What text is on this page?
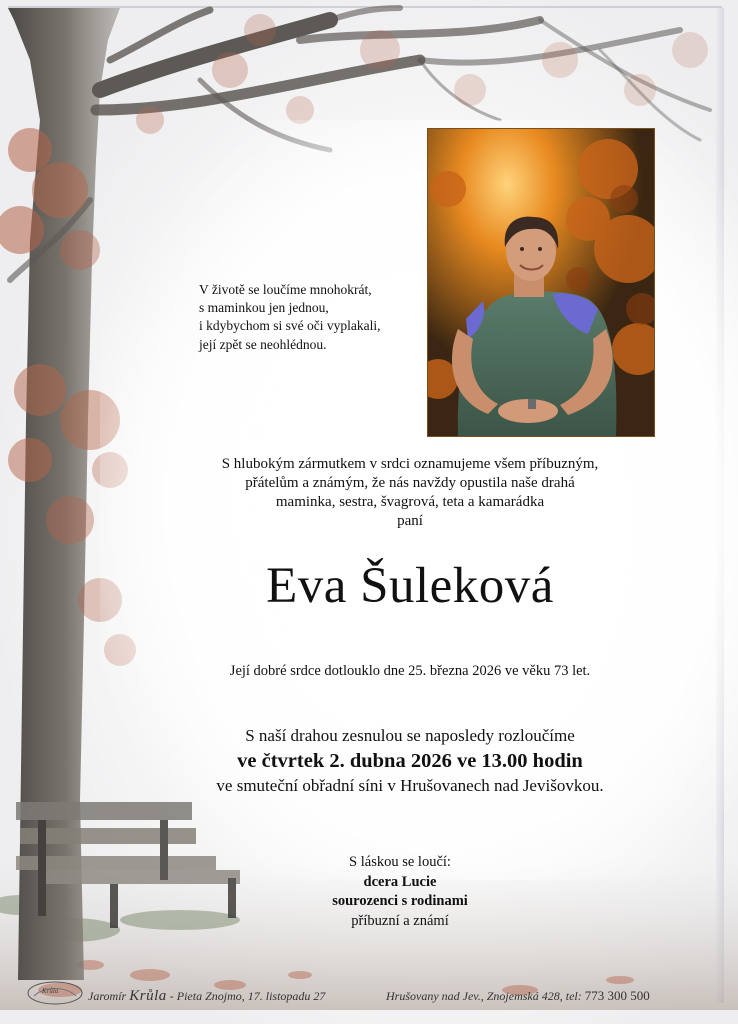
V životě se loučíme mnohokrát,
s maminkou jen jednou,
i kdybychom si své oči vyplakali,
její zpět se neohlédnou.
S hlubokým zármutkem v srdci oznamujeme všem příbuzným,
přátelům a známým, že nás navždy opustila naše drahá
maminka, sestra, švagrová, teta a kamarádka
paní
Eva Šuleková
Její dobré srdce dotlouklo dne 25. března 2026 ve věku 73 let.
S naší drahou zesnulou se naposledy rozloučíme
ve čtvrtek 2. dubna 2026 ve 13.00 hodin
ve smuteční obřadní síni v Hrušovanech nad Jevišovkou.
S láskou se loučí:
dcera Lucie
sourozenci s rodinami
příbuzní a známí
Krůla Jaromír Krůla - Pieta Znojmo, 17. listopadu 27	Hrušovany nad Jev., Znojemská 428, tel: 773 300 500
